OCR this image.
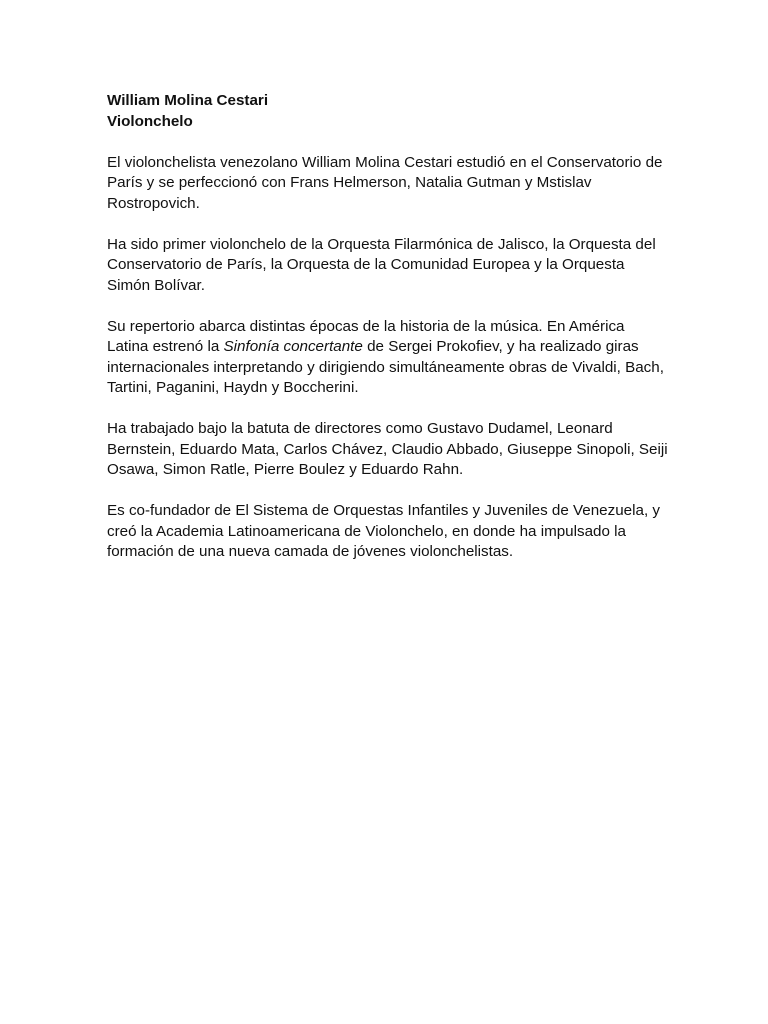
William Molina Cestari

Violonchelo

El violonchelista venezolano William Molina Cestari estudió en el Conservatorio de París y se perfeccionó con Frans Helmerson, Natalia Gutman y Mstislav Rostropovich.

Ha sido primer violonchelo de la Orquesta Filarmónica de Jalisco, la Orquesta del Conservatorio de París, la Orquesta de la Comunidad Europea y la Orquesta Simón Bolívar.

Su repertorio abarca distintas épocas de la historia de la música. En América Latina estrenó la Sinfonía concertante de Sergei Prokofiev, y ha realizado giras internacionales interpretando y dirigiendo simultáneamente obras de Vivaldi, Bach, Tartini, Paganini, Haydn y Boccherini.

Ha trabajado bajo la batuta de directores como Gustavo Dudamel, Leonard Bernstein, Eduardo Mata, Carlos Chávez, Claudio Abbado, Giuseppe Sinopoli, Seiji Osawa, Simon Ratle, Pierre Boulez y Eduardo Rahn.

Es co-fundador de El Sistema de Orquestas Infantiles y Juveniles de Venezuela, y creó la Academia Latinoamericana de Violonchelo, en donde ha impulsado la formación de una nueva camada de jóvenes violonchelistas.
